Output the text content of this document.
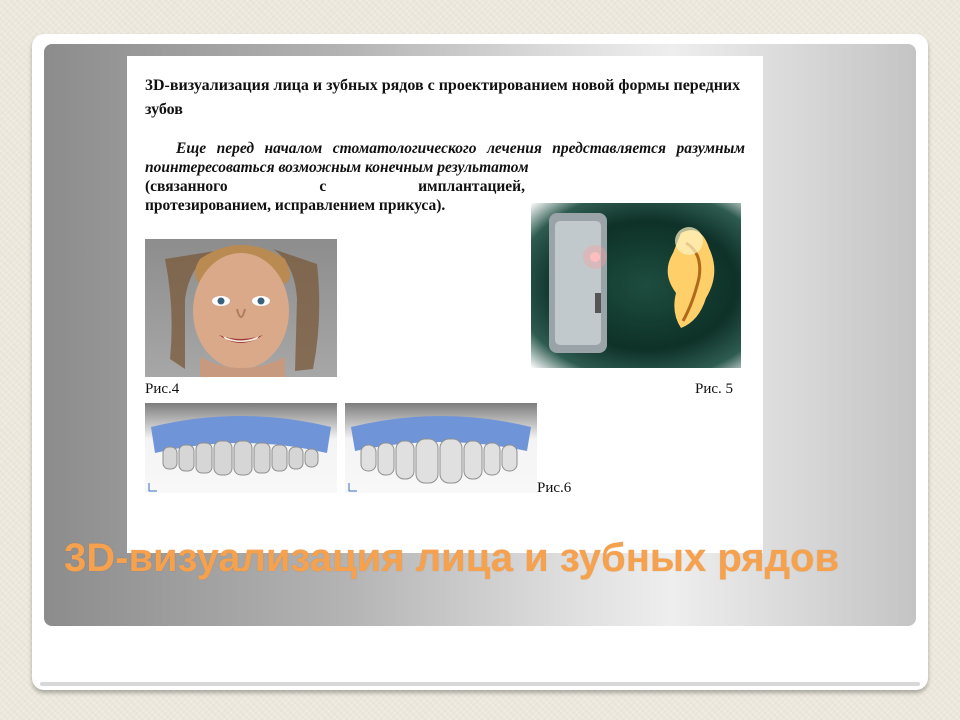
3D-визуализация лица и зубных рядов с проектированием новой формы передних зубов

Еще перед началом стоматологического лечения представляется разумным поинтересоваться возможным конечным результатом

(связанного с имплантацией,
протезированием, исправлением прикуса).

Рис.4	Рис. 5
Рис.6
3D-визуализация лица и зубных рядов
